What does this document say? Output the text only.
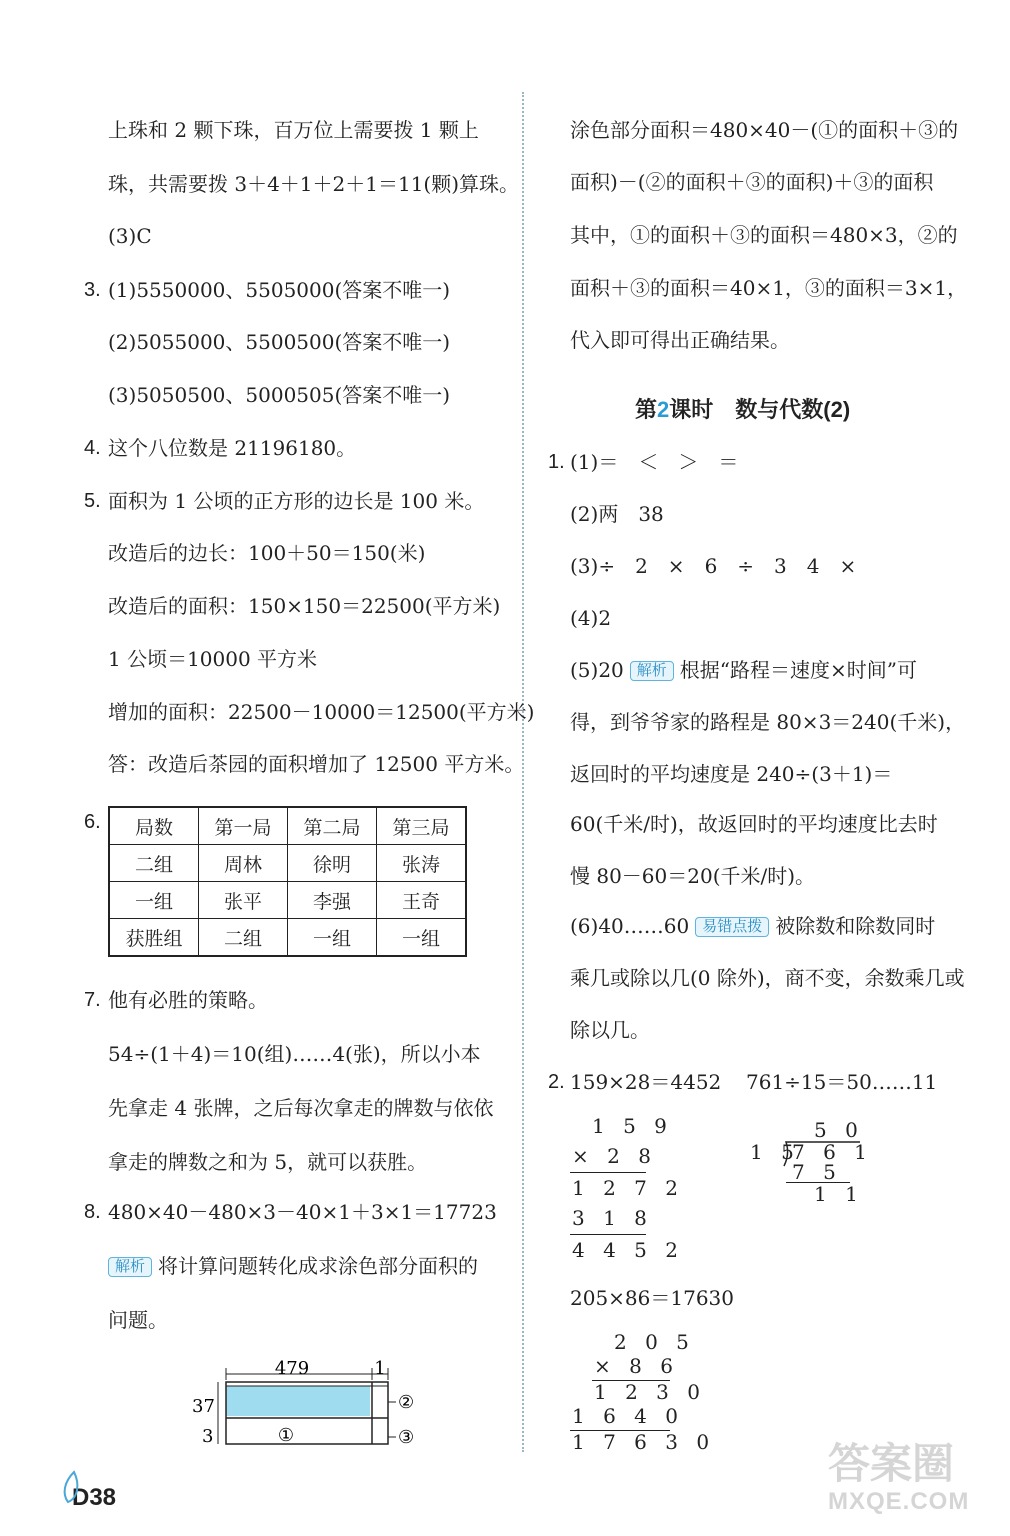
上珠和 2 颗下珠，百万位上需要拨 1 颗上
珠，共需要拨 3＋4＋1＋2＋1＝11(颗)算珠。
(3)C
3. (1)5550000、5505000(答案不唯一)
(2)5055000、5500500(答案不唯一)
(3)5050500、5000505(答案不唯一)
4. 这个八位数是 21196180。
5. 面积为 1 公顷的正方形的边长是 100 米。
改造后的边长：100＋50＝150(米)
改造后的面积：150×150＝22500(平方米)
1 公顷＝10000 平方米
增加的面积：22500－10000＝12500(平方米)
答：改造后茶园的面积增加了 12500 平方米。
6. 局数	第一局	第二局	第三局
二组	周林	徐明	张涛
一组	张平	李强	王奇
获胜组	二组	一组	一组
7. 他有必胜的策略。
54÷(1＋4)＝10(组)……4(张)，所以小本
先拿走 4 张牌，之后每次拿走的牌数与依依
拿走的牌数之和为 5，就可以获胜。
8. 480×40－480×3－40×1＋3×1＝17723
解析 将计算问题转化成求涂色部分面积的
问题。
479	1
37
3	①
②
③
涂色部分面积＝480×40－(①的面积＋③的
面积)－(②的面积＋③的面积)＋③的面积
其中，①的面积＋③的面积＝480×3，②的
面积＋③的面积＝40×1，③的面积＝3×1，
代入即可得出正确结果。
第2课时　数与代数(2)
1. (1)＝　＜　＞　＝
(2)两　38
(3)÷　2　×　6　÷　3　4　×
(4)2
(5)20 解析 根据“路程＝速度×时间”可
得，到爷爷家的路程是 80×3＝240(千米)，
返回时的平均速度是 240÷(3＋1)＝
60(千米/时)，故返回时的平均速度比去时
慢 80－60＝20(千米/时)。
(6)40……60 易错点拨 被除数和除数同时
乘几或除以几(0 除外)，商不变，余数乘几或
除以几。
2. 159×28＝4452 761÷15＝50……11
1 5 9
× 2 8
1 2 7 2
3 1 8
4 4 5 2
5 0
1 5
7 6 1
7 5
1 1
205×86＝17630
2 0 5
× 8 6
1 2 3 0
1 6 4 0
1 7 6 3 0
D38
答案圈
MXQE.COM
